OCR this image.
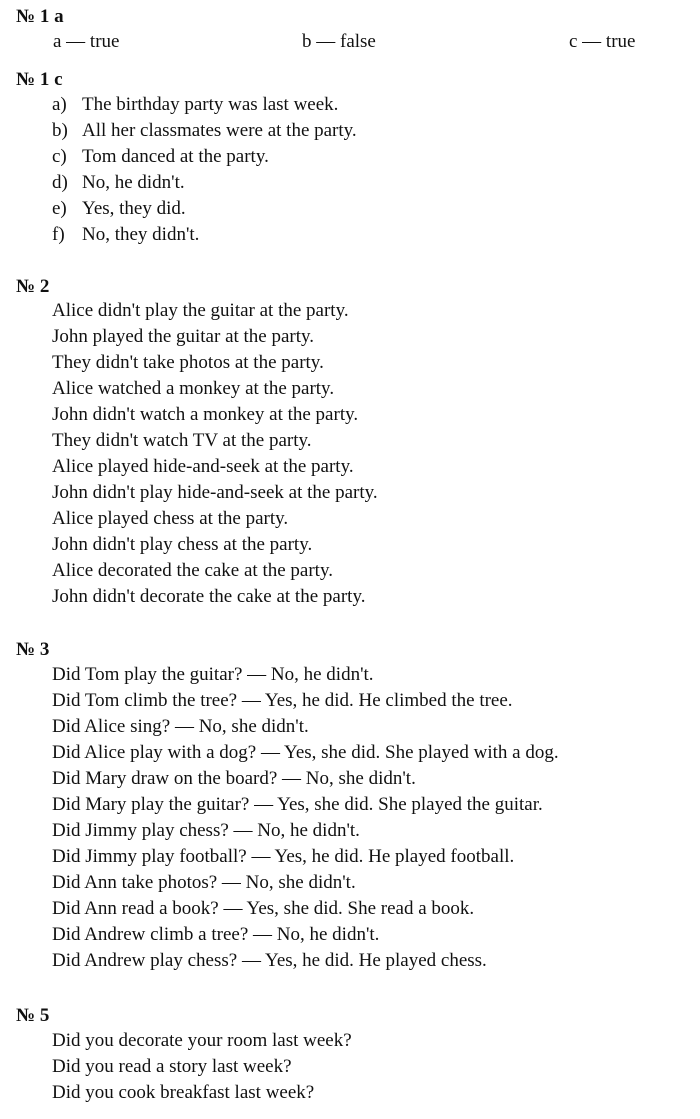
№ 1 a
a — true	b — false	c — true
№ 1 c
a) The birthday party was last week.
b) All her classmates were at the party.
c) Tom danced at the party.
d) No, he didn't.
e) Yes, they did.
f) No, they didn't.
№ 2
Alice didn't play the guitar at the party.
John played the guitar at the party.
They didn't take photos at the party.
Alice watched a monkey at the party.
John didn't watch a monkey at the party.
They didn't watch TV at the party.
Alice played hide-and-seek at the party.
John didn't play hide-and-seek at the party.
Alice played chess at the party.
John didn't play chess at the party.
Alice decorated the cake at the party.
John didn't decorate the cake at the party.
№ 3
Did Tom play the guitar? — No, he didn't.
Did Tom climb the tree? — Yes, he did. He climbed the tree.
Did Alice sing? — No, she didn't.
Did Alice play with a dog? — Yes, she did. She played with a dog.
Did Mary draw on the board? — No, she didn't.
Did Mary play the guitar? — Yes, she did. She played the guitar.
Did Jimmy play chess? — No, he didn't.
Did Jimmy play football? — Yes, he did. He played football.
Did Ann take photos? — No, she didn't.
Did Ann read a book? — Yes, she did. She read a book.
Did Andrew climb a tree? — No, he didn't.
Did Andrew play chess? — Yes, he did. He played chess.
№ 5
Did you decorate your room last week?
Did you read a story last week?
Did you cook breakfast last week?
